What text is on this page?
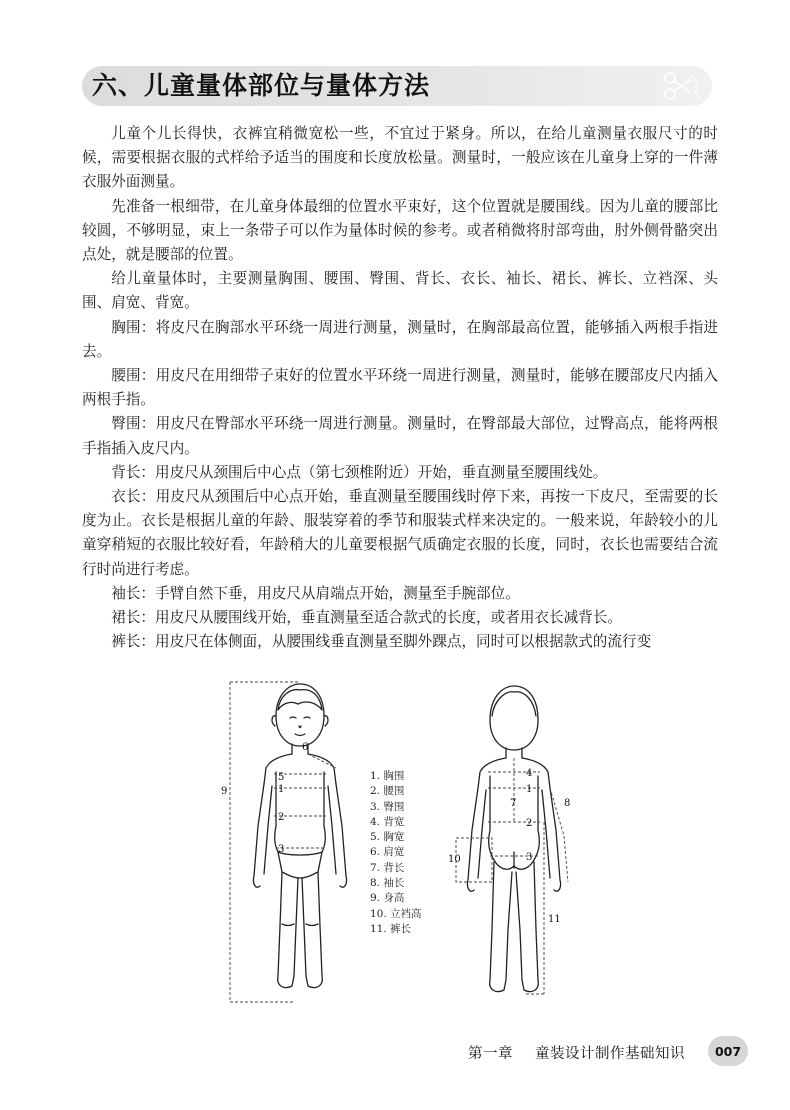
六、儿童量体部位与量体方法

儿童个儿长得快，衣裤宜稍微宽松一些，不宜过于紧身。所以，在给儿童测量衣服尺寸的时候，需要根据衣服的式样给予适当的围度和长度放松量。测量时，一般应该在儿童身上穿的一件薄衣服外面测量。

先准备一根细带，在儿童身体最细的位置水平束好，这个位置就是腰围线。因为儿童的腰部比较圆，不够明显，束上一条带子可以作为量体时候的参考。或者稍微将肘部弯曲，肘外侧骨骼突出点处，就是腰部的位置。

给儿童量体时，主要测量胸围、腰围、臀围、背长、衣长、袖长、裙长、裤长、立裆深、头围、肩宽、背宽。

胸围：将皮尺在胸部水平环绕一周进行测量，测量时，在胸部最高位置，能够插入两根手指进去。

腰围：用皮尺在用细带子束好的位置水平环绕一周进行测量，测量时，能够在腰部皮尺内插入两根手指。

臀围：用皮尺在臀部水平环绕一周进行测量。测量时，在臀部最大部位，过臀高点，能将两根手指插入皮尺内。

背长：用皮尺从颈围后中心点（第七颈椎附近）开始，垂直测量至腰围线处。

衣长：用皮尺从颈围后中心点开始，垂直测量至腰围线时停下来，再按一下皮尺，至需要的长度为止。衣长是根据儿童的年龄、服装穿着的季节和服装式样来决定的。一般来说，年龄较小的儿童穿稍短的衣服比较好看，年龄稍大的儿童要根据气质确定衣服的长度，同时，衣长也需要结合流行时尚进行考虑。

袖长：手臂自然下垂，用皮尺从肩端点开始，测量至手腕部位。

裙长：用皮尺从腰围线开始，垂直测量至适合款式的长度，或者用衣长减背长。

裤长：用皮尺在体侧面，从腰围线垂直测量至脚外踝点，同时可以根据款式的流行变

9
5
1
2
3
6
4
1
7
2
3
8
10
11
1. 胸围
2. 腰围
3. 臀围
4. 背宽
5. 胸宽
6. 肩宽
7. 背长
8. 袖长
9. 身高
10. 立裆高
11. 裤长
第一章 童装设计制作基础知识	007
